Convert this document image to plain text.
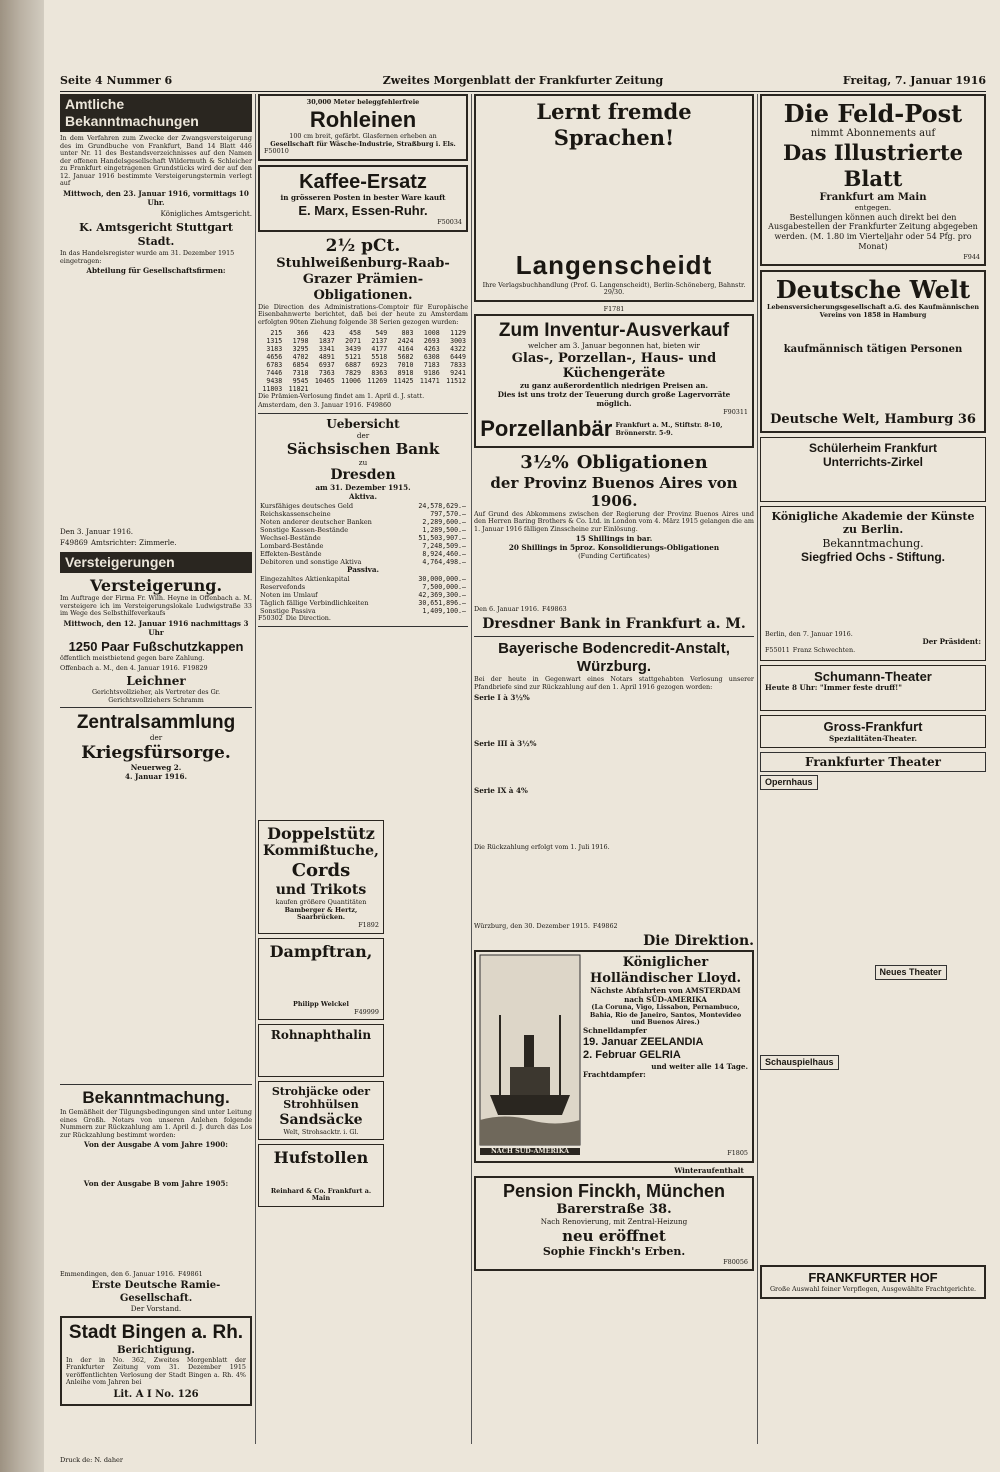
Seite 4 Nummer 6	Zweites Morgenblatt der Frankfurter Zeitung	Freitag, 7. Januar 1916
Amtliche Bekanntmachungen

In dem Verfahren zum Zwecke der Zwangsversteigerung des im Grundbuche von Frankfurt, Band 14 Blatt 446 unter Nr. 11 des Bestandsverzeichnisses auf den Namen der offenen Handelsgesellschaft Wildermuth & Schleicher zu Frankfurt eingetragenen Grundstücks wird der auf den 12. Januar 1916 bestimmte Versteigerungstermin verlegt auf

Mittwoch, den 23. Januar 1916, vormittags 10 Uhr.

Königliches Amtsgericht.

K. Amtsgericht Stuttgart Stadt.

In das Handelsregister wurde am 31. Dezember 1915 eingetragen:

Abteilung für Gesellschaftsfirmen:

Den 3. Januar 1916.

F49869 Amtsrichter: Zimmerle.

Versteigerungen
Versteigerung.

Im Auftrage der Firma Fr. Wilh. Heyne in Offenbach a. M. versteigere ich im Versteigerungslokale Ludwigstraße 33 im Wege des Selbsthilfeverkaufs

Mittwoch, den 12. Januar 1916 nachmittags 3 Uhr

1250 Paar Fußschutzkappen

öffentlich meistbietend gegen bare Zahlung.

Offenbach a. M., den 4. Januar 1916. F19829

Leichner

Gerichtsvollzieher, als Vertreter des Gr. Gerichtsvollziehers Schramm

Zentralsammlung
der
Kriegsfürsorge.
Neuerweg 2.
4. Januar 1916.
Bekanntmachung.

In Gemäßheit der Tilgungsbedingungen sind unter Leitung eines Großh. Notars von unseren Anlehen folgende Nummern zur Rückzahlung am 1. April d. J. durch das Los zur Rückzahlung bestimmt worden:

Von der Ausgabe A vom Jahre 1900:

Von der Ausgabe B vom Jahre 1905:

Emmendingen, den 6. Januar 1916. F49861

Erste Deutsche Ramie-Gesellschaft.
Der Vorstand.
Stadt Bingen a. Rh.
Berichtigung.

In der in No. 362, Zweites Morgenblatt der Frankfurter Zeitung vom 31. Dezember 1915 veröffentlichten Verlosung der Stadt Bingen a. Rh. 4% Anleihe vom Jahren bei

Lit. A I No. 126
30,000 Meter beleggfehlerfreie
Rohleinen
100 cm breit, gefärbt. Glasfernen erheben an
Gesellschaft für Wäsche-Industrie, Straßburg i. Els.
F50010
Kaffee-Ersatz
in grösseren Posten in bester Ware kauft
E. Marx, Essen-Ruhr.
F50034
2½ pCt.
Stuhlweißenburg-Raab-Grazer Prämien-Obligationen.

Die Direction des Administrations-Comptoir für Europäische Eisenbahnwerte berichtet, daß bei der heute zu Amsterdam erfolgten 90ten Ziehung folgende 38 Serien gezogen wurden:

215	366	423	458	549	803	1008	1129
1315	1798	1837	2071	2137	2424	2693	3003
3183	3295	3341	3439	4177	4164	4263	4322
4656	4702	4891	5121	5518	5682	6308	6449
6783	6854	6937	6887	6923	7010	7183	7833
7446	7318	7363	7829	8363	8918	9186	9241
9438	9545	10465	11006	11269	11425	11471	11512
11803	11821						

Die Prämien-Verlosung findet am 1. April d. J. statt.

Amsterdam, den 3. Januar 1916. F49860

Uebersicht
der
Sächsischen Bank
zu
Dresden
am 31. Dezember 1915.
Aktiva.
Kursfähiges deutsches Geld	24,578,629.—
Reichskassenscheine	797,570.—
Noten anderer deutscher Banken	2,289,600.—
Sonstige Kassen-Bestände	1,289,500.—
Wechsel-Bestände	51,503,907.—
Lombard-Bestände	7,248,509.—
Effekten-Bestände	8,924,460.—
Debitoren und sonstige Aktiva	4,764,498.—
Passiva.
Eingezahltes Aktienkapital	30,000,000.—
Reservefonds	7,500,000.—
Noten im Umlauf	42,369,300.—
Täglich fällige Verbindlichkeiten	30,651,896.—
Sonstige Passiva	1,409,100.—

F50302 Die Direction.

Doppelstütz
Kommißtuche,
Cords
und Trikots
kaufen größere Quantitäten
Bamberger & Hertz, Saarbrücken.
F1892
Dampftran,
Philipp Welckel
F49999
Rohnaphthalin
Strohjäcke oder Strohhülsen
Sandsäcke
Welt, Strohsacktr. i. Gl.
Hufstollen
Reinhard & Co. Frankfurt a. Main
Lernt fremde Sprachen!
Langenscheidt
Ihre Verlagsbuchhandlung (Prof. G. Langenscheidt), Berlin-Schöneberg, Bahnstr. 29/30.
F1781
Zum Inventur-Ausverkauf
welcher am 3. Januar begonnen hat, bieten wir
Glas-, Porzellan-, Haus- und Küchengeräte
zu ganz außerordentlich niedrigen Preisen an.
Dies ist uns trotz der Teuerung durch große Lagervorräte möglich.
F90311
Porzellanbär Frankfurt a. M., Stiftstr. 8-10, Brönnerstr. 5-9.
3½% Obligationen
der Provinz Buenos Aires von 1906.

Auf Grund des Abkommens zwischen der Regierung der Provinz Buenos Aires und den Herren Baring Brothers & Co. Ltd. in London vom 4. März 1915 gelangen die am 1. Januar 1916 fälligen Zinsscheine zur Einlösung.

15 Shillings in bar.
20 Shillings in 5proz. Konsolidierungs-Obligationen
(Funding Certificates)

Den 6. Januar 1916. F49863

Dresdner Bank in Frankfurt a. M.
Bayerische Bodencredit-Anstalt, Würzburg.

Bei der heute in Gegenwart eines Notars stattgehabten Verlosung unserer Pfandbriefe sind zur Rückzahlung auf den 1. April 1916 gezogen worden:

Serie I à 3½%
Serie III à 3½%
Serie IX à 4%

Die Rückzahlung erfolgt vom 1. Juli 1916.

Würzburg, den 30. Dezember 1915. F49862

Die Direktion.
NACH SÜD-AMERIKA
Königlicher Holländischer Lloyd.
Nächste Abfahrten von AMSTERDAM nach SÜD-AMERIKA
(La Coruna, Vigo, Lissabon, Pernambuco, Bahia, Rio de Janeiro, Santos, Montevideo und Buenos Aires.)
Schnelldampfer
19. Januar ZEELANDIA
2. Februar GELRIA
und weiter alle 14 Tage.
Frachtdampfer:
F1805
Winteraufenthalt
Pension Finckh, München
Barerstraße 38.
Nach Renovierung, mit Zentral-Heizung
neu eröffnet
Sophie Finckh's Erben.
F80056
Die Feld-Post
nimmt Abonnements auf
Das Illustrierte Blatt
Frankfurt am Main
entgegen.

Bestellungen können auch direkt bei den Ausgabestellen der Frankfurter Zeitung abgegeben werden. (M. 1.80 im Vierteljahr oder 54 Pfg. pro Monat)

F944
Deutsche Welt
Lebensversicherungsgesellschaft a.G. des Kaufmännischen Vereins von 1858 in Hamburg
kaufmännisch tätigen Personen
Deutsche Welt, Hamburg 36
Schülerheim Frankfurt
Unterrichts-Zirkel
Königliche Akademie der Künste zu Berlin.
Bekanntmachung.
Siegfried Ochs - Stiftung.
Berlin, den 7. Januar 1916.
Der Präsident:

F55011 Franz Schwechten.

Schumann-Theater
Heute 8 Uhr: "Immer feste druff!"
Gross-Frankfurt
Spezialitäten-Theater.
Frankfurter Theater
Opernhaus
Schauspielhaus
Neues Theater
FRANKFURTER HOF
Große Auswahl feiner Verpflegen, Ausgewählte Frachtgerichte.
Druck de: N. daher
